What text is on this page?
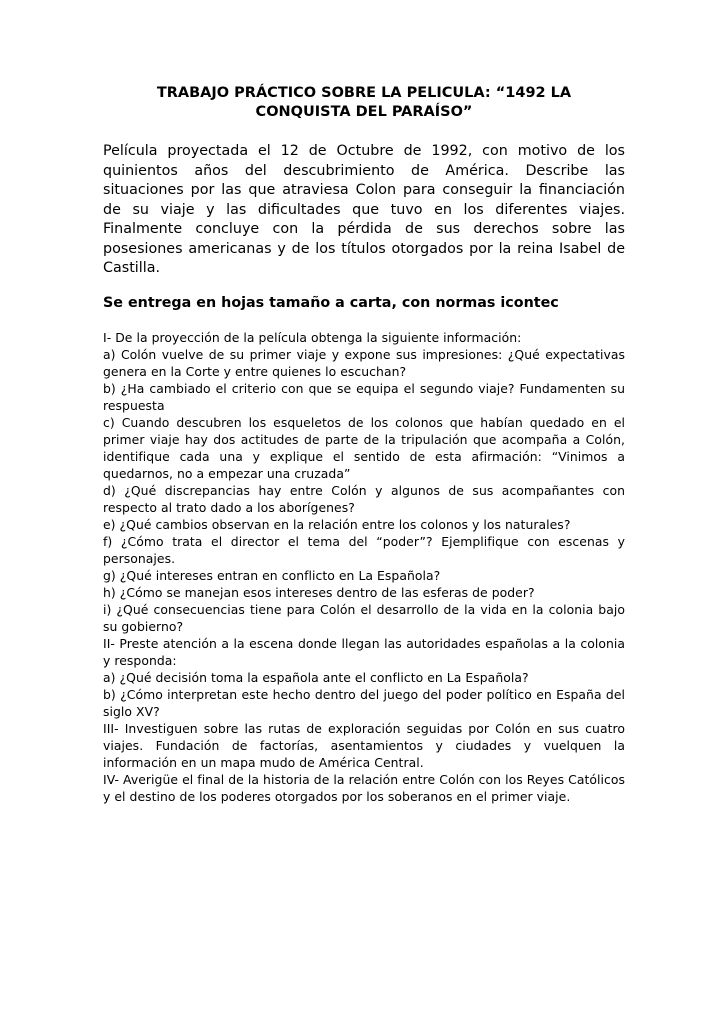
TRABAJO PRÁCTICO SOBRE LA PELICULA: “1492 LA
CONQUISTA DEL PARAÍSO”

Película proyectada el 12 de Octubre de 1992, con motivo de los quinientos años del descubrimiento de América. Describe las situaciones por las que atraviesa Colon para conseguir la financiación de su viaje y las dificultades que tuvo en los diferentes viajes. Finalmente concluye con la pérdida de sus derechos sobre las posesiones americanas y de los títulos otorgados por la reina Isabel de Castilla.

Se entrega en hojas tamaño a carta, con normas icontec

I- De la proyección de la película obtenga la siguiente información:

a) Colón vuelve de su primer viaje y expone sus impresiones: ¿Qué expectativas genera en la Corte y entre quienes lo escuchan?

b) ¿Ha cambiado el criterio con que se equipa el segundo viaje? Fundamenten su respuesta

c) Cuando descubren los esqueletos de los colonos que habían quedado en el primer viaje hay dos actitudes de parte de la tripulación que acompaña a Colón, identifique cada una y explique el sentido de esta afirmación: “Vinimos a quedarnos, no a empezar una cruzada”

d) ¿Qué discrepancias hay entre Colón y algunos de sus acompañantes con respecto al trato dado a los aborígenes?

e) ¿Qué cambios observan en la relación entre los colonos y los naturales?

f) ¿Cómo trata el director el tema del “poder”? Ejemplifique con escenas y personajes.

g) ¿Qué intereses entran en conflicto en La Española?

h) ¿Cómo se manejan esos intereses dentro de las esferas de poder?

i) ¿Qué consecuencias tiene para Colón el desarrollo de la vida en la colonia bajo su gobierno?

II- Preste atención a la escena donde llegan las autoridades españolas a la colonia y responda:

a) ¿Qué decisión toma la española ante el conflicto en La Española?

b) ¿Cómo interpretan este hecho dentro del juego del poder político en España del siglo XV?

III- Investiguen sobre las rutas de exploración seguidas por Colón en sus cuatro viajes. Fundación de factorías, asentamientos y ciudades y vuelquen la información en un mapa mudo de América Central.

IV- Averigüe el final de la historia de la relación entre Colón con los Reyes Católicos y el destino de los poderes otorgados por los soberanos en el primer viaje.
